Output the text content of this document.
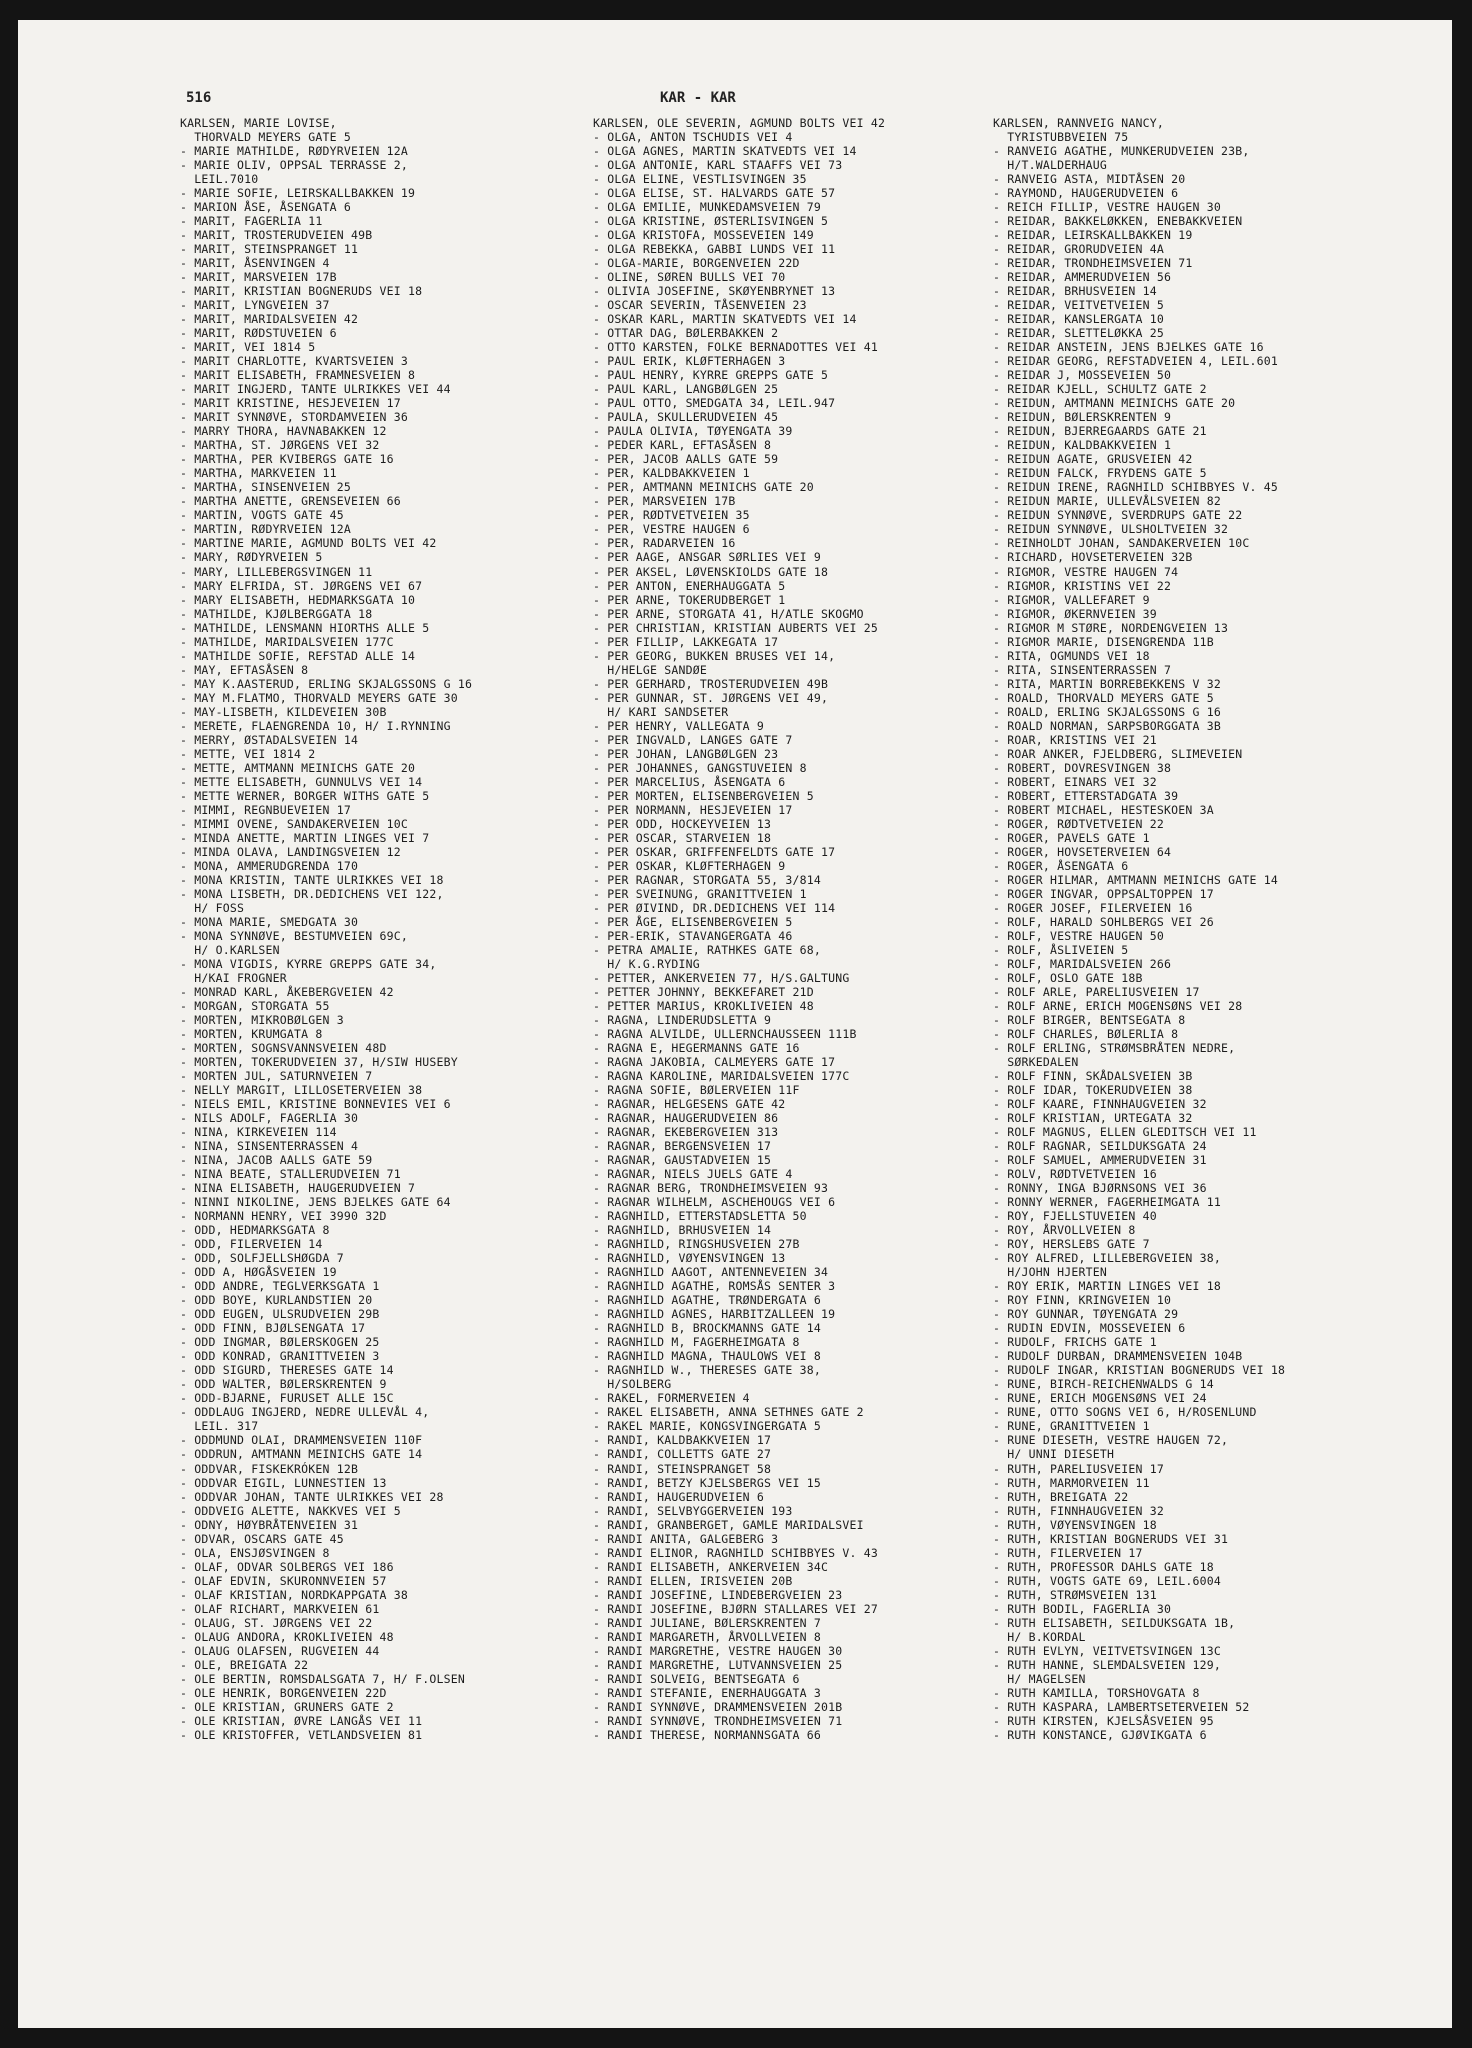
516	KAR - KAR
KARLSEN, MARIE LOVISE,
THORVALD MEYERS GATE 5
- MARIE MATHILDE, RØDYRVEIEN 12A
- MARIE OLIV, OPPSAL TERRASSE 2,
LEIL.7010
- MARIE SOFIE, LEIRSKALLBAKKEN 19
- MARION ÅSE, ÅSENGATA 6
- MARIT, FAGERLIA 11
- MARIT, TROSTERUDVEIEN 49B
- MARIT, STEINSPRANGET 11
- MARIT, ÅSENVINGEN 4
- MARIT, MARSVEIEN 17B
- MARIT, KRISTIAN BOGNERUDS VEI 18
- MARIT, LYNGVEIEN 37
- MARIT, MARIDALSVEIEN 42
- MARIT, RØDSTUVEIEN 6
- MARIT, VEI 1814 5
- MARIT CHARLOTTE, KVARTSVEIEN 3
- MARIT ELISABETH, FRAMNESVEIEN 8
- MARIT INGJERD, TANTE ULRIKKES VEI 44
- MARIT KRISTINE, HESJEVEIEN 17
- MARIT SYNNØVE, STORDAMVEIEN 36
- MARRY THORA, HAVNABAKKEN 12
- MARTHA, ST. JØRGENS VEI 32
- MARTHA, PER KVIBERGS GATE 16
- MARTHA, MARKVEIEN 11
- MARTHA, SINSENVEIEN 25
- MARTHA ANETTE, GRENSEVEIEN 66
- MARTIN, VOGTS GATE 45
- MARTIN, RØDYRVEIEN 12A
- MARTINE MARIE, AGMUND BOLTS VEI 42
- MARY, RØDYRVEIEN 5
- MARY, LILLEBERGSVINGEN 11
- MARY ELFRIDA, ST. JØRGENS VEI 67
- MARY ELISABETH, HEDMARKSGATA 10
- MATHILDE, KJØLBERGGATA 18
- MATHILDE, LENSMANN HIORTHS ALLE 5
- MATHILDE, MARIDALSVEIEN 177C
- MATHILDE SOFIE, REFSTAD ALLE 14
- MAY, EFTASÅSEN 8
- MAY K.AASTERUD, ERLING SKJALGSSONS G 16
- MAY M.FLATMO, THORVALD MEYERS GATE 30
- MAY-LISBETH, KILDEVEIEN 30B
- MERETE, FLAENGRENDA 10, H/ I.RYNNING
- MERRY, ØSTADALSVEIEN 14
- METTE, VEI 1814 2
- METTE, AMTMANN MEINICHS GATE 20
- METTE ELISABETH, GUNNULVS VEI 14
- METTE WERNER, BORGER WITHS GATE 5
- MIMMI, REGNBUEVEIEN 17
- MIMMI OVENE, SANDAKERVEIEN 10C
- MINDA ANETTE, MARTIN LINGES VEI 7
- MINDA OLAVA, LANDINGSVEIEN 12
- MONA, AMMERUDGRENDA 170
- MONA KRISTIN, TANTE ULRIKKES VEI 18
- MONA LISBETH, DR.DEDICHENS VEI 122,
H/ FOSS
- MONA MARIE, SMEDGATA 30
- MONA SYNNØVE, BESTUMVEIEN 69C,
H/ O.KARLSEN
- MONA VIGDIS, KYRRE GREPPS GATE 34,
H/KAI FROGNER
- MONRAD KARL, ÅKEBERGVEIEN 42
- MORGAN, STORGATA 55
- MORTEN, MIKROBØLGEN 3
- MORTEN, KRUMGATA 8
- MORTEN, SOGNSVANNSVEIEN 48D
- MORTEN, TOKERUDVEIEN 37, H/SIW HUSEBY
- MORTEN JUL, SATURNVEIEN 7
- NELLY MARGIT, LILLOSETERVEIEN 38
- NIELS EMIL, KRISTINE BONNEVIES VEI 6
- NILS ADOLF, FAGERLIA 30
- NINA, KIRKEVEIEN 114
- NINA, SINSENTERRASSEN 4
- NINA, JACOB AALLS GATE 59
- NINA BEATE, STALLERUDVEIEN 71
- NINA ELISABETH, HAUGERUDVEIEN 7
- NINNI NIKOLINE, JENS BJELKES GATE 64
- NORMANN HENRY, VEI 3990 32D
- ODD, HEDMARKSGATA 8
- ODD, FILERVEIEN 14
- ODD, SOLFJELLSHØGDA 7
- ODD A, HØGÅSVEIEN 19
- ODD ANDRE, TEGLVERKSGATA 1
- ODD BOYE, KURLANDSTIEN 20
- ODD EUGEN, ULSRUDVEIEN 29B
- ODD FINN, BJØLSENGATA 17
- ODD INGMAR, BØLERSKOGEN 25
- ODD KONRAD, GRANITTVEIEN 3
- ODD SIGURD, THERESES GATE 14
- ODD WALTER, BØLERSKRENTEN 9
- ODD-BJARNE, FURUSET ALLE 15C
- ODDLAUG INGJERD, NEDRE ULLEVÅL 4,
LEIL. 317
- ODDMUND OLAI, DRAMMENSVEIEN 110F
- ODDRUN, AMTMANN MEINICHS GATE 14
- ODDVAR, FISKEKRÓKEN 12B
- ODDVAR EIGIL, LUNNESTIEN 13
- ODDVAR JOHAN, TANTE ULRIKKES VEI 28
- ODDVEIG ALETTE, NAKKVES VEI 5
- ODNY, HØYBRÅTENVEIEN 31
- ODVAR, OSCARS GATE 45
- OLA, ENSJØSVINGEN 8
- OLAF, ODVAR SOLBERGS VEI 186
- OLAF EDVIN, SKURONNVEIEN 57
- OLAF KRISTIAN, NORDKAPPGATA 38
- OLAF RICHART, MARKVEIEN 61
- OLAUG, ST. JØRGENS VEI 22
- OLAUG ANDORA, KROKLIVEIEN 48
- OLAUG OLAFSEN, RUGVEIEN 44
- OLE, BREIGATA 22
- OLE BERTIN, ROMSDALSGATA 7, H/ F.OLSEN
- OLE HENRIK, BORGENVEIEN 22D
- OLE KRISTIAN, GRUNERS GATE 2
- OLE KRISTIAN, ØVRE LANGÅS VEI 11
- OLE KRISTOFFER, VETLANDSVEIEN 81
KARLSEN, OLE SEVERIN, AGMUND BOLTS VEI 42
- OLGA, ANTON TSCHUDIS VEI 4
- OLGA AGNES, MARTIN SKATVEDTS VEI 14
- OLGA ANTONIE, KARL STAAFFS VEI 73
- OLGA ELINE, VESTLISVINGEN 35
- OLGA ELISE, ST. HALVARDS GATE 57
- OLGA EMILIE, MUNKEDAMSVEIEN 79
- OLGA KRISTINE, ØSTERLISVINGEN 5
- OLGA KRISTOFA, MOSSEVEIEN 149
- OLGA REBEKKA, GABBI LUNDS VEI 11
- OLGA-MARIE, BORGENVEIEN 22D
- OLINE, SØREN BULLS VEI 70
- OLIVIA JOSEFINE, SKØYENBRYNET 13
- OSCAR SEVERIN, TÅSENVEIEN 23
- OSKAR KARL, MARTIN SKATVEDTS VEI 14
- OTTAR DAG, BØLERBAKKEN 2
- OTTO KARSTEN, FOLKE BERNADOTTES VEI 41
- PAUL ERIK, KLØFTERHAGEN 3
- PAUL HENRY, KYRRE GREPPS GATE 5
- PAUL KARL, LANGBØLGEN 25
- PAUL OTTO, SMEDGATA 34, LEIL.947
- PAULA, SKULLERUDVEIEN 45
- PAULA OLIVIA, TØYENGATA 39
- PEDER KARL, EFTASÅSEN 8
- PER, JACOB AALLS GATE 59
- PER, KALDBAKKVEIEN 1
- PER, AMTMANN MEINICHS GATE 20
- PER, MARSVEIEN 17B
- PER, RØDTVETVEIEN 35
- PER, VESTRE HAUGEN 6
- PER, RADARVEIEN 16
- PER AAGE, ANSGAR SØRLIES VEI 9
- PER AKSEL, LØVENSKIOLDS GATE 18
- PER ANTON, ENERHAUGGATA 5
- PER ARNE, TOKERUDBERGET 1
- PER ARNE, STORGATA 41, H/ATLE SKOGMO
- PER CHRISTIAN, KRISTIAN AUBERTS VEI 25
- PER FILLIP, LAKKEGATA 17
- PER GEORG, BUKKEN BRUSES VEI 14,
H/HELGE SANDØE
- PER GERHARD, TROSTERUDVEIEN 49B
- PER GUNNAR, ST. JØRGENS VEI 49,
H/ KARI SANDSETER
- PER HENRY, VALLEGATA 9
- PER INGVALD, LANGES GATE 7
- PER JOHAN, LANGBØLGEN 23
- PER JOHANNES, GANGSTUVEIEN 8
- PER MARCELIUS, ÅSENGATA 6
- PER MORTEN, ELISENBERGVEIEN 5
- PER NORMANN, HESJEVEIEN 17
- PER ODD, HOCKEYVEIEN 13
- PER OSCAR, STARVEIEN 18
- PER OSKAR, GRIFFENFELDTS GATE 17
- PER OSKAR, KLØFTERHAGEN 9
- PER RAGNAR, STORGATA 55, 3/814
- PER SVEINUNG, GRANITTVEIEN 1
- PER ØIVIND, DR.DEDICHENS VEI 114
- PER ÅGE, ELISENBERGVEIEN 5
- PER-ERIK, STAVANGERGATA 46
- PETRA AMALIE, RATHKES GATE 68,
H/ K.G.RYDING
- PETTER, ANKERVEIEN 77, H/S.GALTUNG
- PETTER JOHNNY, BEKKEFARET 21D
- PETTER MARIUS, KROKLIVEIEN 48
- RAGNA, LINDERUDSLETTA 9
- RAGNA ALVILDE, ULLERNCHAUSSEEN 111B
- RAGNA E, HEGERMANNS GATE 16
- RAGNA JAKOBIA, CALMEYERS GATE 17
- RAGNA KAROLINE, MARIDALSVEIEN 177C
- RAGNA SOFIE, BØLERVEIEN 11F
- RAGNAR, HELGESENS GATE 42
- RAGNAR, HAUGERUDVEIEN 86
- RAGNAR, EKEBERGVEIEN 313
- RAGNAR, BERGENSVEIEN 17
- RAGNAR, GAUSTADVEIEN 15
- RAGNAR, NIELS JUELS GATE 4
- RAGNAR BERG, TRONDHEIMSVEIEN 93
- RAGNAR WILHELM, ASCHEHOUGS VEI 6
- RAGNHILD, ETTERSTADSLETTA 50
- RAGNHILD, BRHUSVEIEN 14
- RAGNHILD, RINGSHUSVEIEN 27B
- RAGNHILD, VØYENSVINGEN 13
- RAGNHILD AAGOT, ANTENNEVEIEN 34
- RAGNHILD AGATHE, ROMSÅS SENTER 3
- RAGNHILD AGATHE, TRØNDERGATA 6
- RAGNHILD AGNES, HARBITZALLEEN 19
- RAGNHILD B, BROCKMANNS GATE 14
- RAGNHILD M, FAGERHEIMGATA 8
- RAGNHILD MAGNA, THAULOWS VEI 8
- RAGNHILD W., THERESES GATE 38,
H/SOLBERG
- RAKEL, FORMERVEIEN 4
- RAKEL ELISABETH, ANNA SETHNES GATE 2
- RAKEL MARIE, KONGSVINGERGATA 5
- RANDI, KALDBAKKVEIEN 17
- RANDI, COLLETTS GATE 27
- RANDI, STEINSPRANGET 58
- RANDI, BETZY KJELSBERGS VEI 15
- RANDI, HAUGERUDVEIEN 6
- RANDI, SELVBYGGERVEIEN 193
- RANDI, GRANBERGET, GAMLE MARIDALSVEI
- RANDI ANITA, GALGEBERG 3
- RANDI ELINOR, RAGNHILD SCHIBBYES V. 43
- RANDI ELISABETH, ANKERVEIEN 34C
- RANDI ELLEN, IRISVEIEN 20B
- RANDI JOSEFINE, LINDEBERGVEIEN 23
- RANDI JOSEFINE, BJØRN STALLARES VEI 27
- RANDI JULIANE, BØLERSKRENTEN 7
- RANDI MARGARETH, ÅRVOLLVEIEN 8
- RANDI MARGRETHE, VESTRE HAUGEN 30
- RANDI MARGRETHE, LUTVANNSVEIEN 25
- RANDI SOLVEIG, BENTSEGATA 6
- RANDI STEFANIE, ENERHAUGGATA 3
- RANDI SYNNØVE, DRAMMENSVEIEN 201B
- RANDI SYNNØVE, TRONDHEIMSVEIEN 71
- RANDI THERESE, NORMANNSGATA 66
KARLSEN, RANNVEIG NANCY,
TYRISTUBBVEIEN 75
- RANVEIG AGATHE, MUNKERUDVEIEN 23B,
H/T.WALDERHAUG
- RANVEIG ASTA, MIDTÅSEN 20
- RAYMOND, HAUGERUDVEIEN 6
- REICH FILLIP, VESTRE HAUGEN 30
- REIDAR, BAKKELØKKEN, ENEBAKKVEIEN
- REIDAR, LEIRSKALLBAKKEN 19
- REIDAR, GRORUDVEIEN 4A
- REIDAR, TRONDHEIMSVEIEN 71
- REIDAR, AMMERUDVEIEN 56
- REIDAR, BRHUSVEIEN 14
- REIDAR, VEITVETVEIEN 5
- REIDAR, KANSLERGATA 10
- REIDAR, SLETTELØKKA 25
- REIDAR ANSTEIN, JENS BJELKES GATE 16
- REIDAR GEORG, REFSTADVEIEN 4, LEIL.601
- REIDAR J, MOSSEVEIEN 50
- REIDAR KJELL, SCHULTZ GATE 2
- REIDUN, AMTMANN MEINICHS GATE 20
- REIDUN, BØLERSKRENTEN 9
- REIDUN, BJERREGAARDS GATE 21
- REIDUN, KALDBAKKVEIEN 1
- REIDUN AGATE, GRUSVEIEN 42
- REIDUN FALCK, FRYDENS GATE 5
- REIDUN IRENE, RAGNHILD SCHIBBYES V. 45
- REIDUN MARIE, ULLEVÅLSVEIEN 82
- REIDUN SYNNØVE, SVERDRUPS GATE 22
- REIDUN SYNNØVE, ULSHOLTVEIEN 32
- REINHOLDT JOHAN, SANDAKERVEIEN 10C
- RICHARD, HOVSETERVEIEN 32B
- RIGMOR, VESTRE HAUGEN 74
- RIGMOR, KRISTINS VEI 22
- RIGMOR, VALLEFARET 9
- RIGMOR, ØKERNVEIEN 39
- RIGMOR M STØRE, NORDENGVEIEN 13
- RIGMOR MARIE, DISENGRENDA 11B
- RITA, OGMUNDS VEI 18
- RITA, SINSENTERRASSEN 7
- RITA, MARTIN BORREBEKKENS V 32
- ROALD, THORVALD MEYERS GATE 5
- ROALD, ERLING SKJALGSSONS G 16
- ROALD NORMAN, SARPSBORGGATA 3B
- ROAR, KRISTINS VEI 21
- ROAR ANKER, FJELDBERG, SLIMEVEIEN
- ROBERT, DOVRESVINGEN 38
- ROBERT, EINARS VEI 32
- ROBERT, ETTERSTADGATA 39
- ROBERT MICHAEL, HESTESKOEN 3A
- ROGER, RØDTVETVEIEN 22
- ROGER, PAVELS GATE 1
- ROGER, HOVSETERVEIEN 64
- ROGER, ÅSENGATA 6
- ROGER HILMAR, AMTMANN MEINICHS GATE 14
- ROGER INGVAR, OPPSALTOPPEN 17
- ROGER JOSEF, FILERVEIEN 16
- ROLF, HARALD SOHLBERGS VEI 26
- ROLF, VESTRE HAUGEN 50
- ROLF, ÅSLIVEIEN 5
- ROLF, MARIDALSVEIEN 266
- ROLF, OSLO GATE 18B
- ROLF ARLE, PARELIUSVEIEN 17
- ROLF ARNE, ERICH MOGENSØNS VEI 28
- ROLF BIRGER, BENTSEGATA 8
- ROLF CHARLES, BØLERLIA 8
- ROLF ERLING, STRØMSBRÅTEN NEDRE,
SØRKEDALEN
- ROLF FINN, SKÅDALSVEIEN 3B
- ROLF IDAR, TOKERUDVEIEN 38
- ROLF KAARE, FINNHAUGVEIEN 32
- ROLF KRISTIAN, URTEGATA 32
- ROLF MAGNUS, ELLEN GLEDITSCH VEI 11
- ROLF RAGNAR, SEILDUKSGATA 24
- ROLF SAMUEL, AMMERUDVEIEN 31
- ROLV, RØDTVETVEIEN 16
- RONNY, INGA BJØRNSONS VEI 36
- RONNY WERNER, FAGERHEIMGATA 11
- ROY, FJELLSTUVEIEN 40
- ROY, ÅRVOLLVEIEN 8
- ROY, HERSLEBS GATE 7
- ROY ALFRED, LILLEBERGVEIEN 38,
H/JOHN HJERTEN
- ROY ERIK, MARTIN LINGES VEI 18
- ROY FINN, KRINGVEIEN 10
- ROY GUNNAR, TØYENGATA 29
- RUDIN EDVIN, MOSSEVEIEN 6
- RUDOLF, FRICHS GATE 1
- RUDOLF DURBAN, DRAMMENSVEIEN 104B
- RUDOLF INGAR, KRISTIAN BOGNERUDS VEI 18
- RUNE, BIRCH-REICHENWALDS G 14
- RUNE, ERICH MOGENSØNS VEI 24
- RUNE, OTTO SOGNS VEI 6, H/ROSENLUND
- RUNE, GRANITTVEIEN 1
- RUNE DIESETH, VESTRE HAUGEN 72,
H/ UNNI DIESETH
- RUTH, PARELIUSVEIEN 17
- RUTH, MARMORVEIEN 11
- RUTH, BREIGATA 22
- RUTH, FINNHAUGVEIEN 32
- RUTH, VØYENSVINGEN 18
- RUTH, KRISTIAN BOGNERUDS VEI 31
- RUTH, FILERVEIEN 17
- RUTH, PROFESSOR DAHLS GATE 18
- RUTH, VOGTS GATE 69, LEIL.6004
- RUTH, STRØMSVEIEN 131
- RUTH BODIL, FAGERLIA 30
- RUTH ELISABETH, SEILDUKSGATA 1B,
H/ B.KORDAL
- RUTH EVLYN, VEITVETSVINGEN 13C
- RUTH HANNE, SLEMDALSVEIEN 129,
H/ MAGELSEN
- RUTH KAMILLA, TORSHOVGATA 8
- RUTH KASPARA, LAMBERTSETERVEIEN 52
- RUTH KIRSTEN, KJELSÅSVEIEN 95
- RUTH KONSTANCE, GJØVIKGATA 6
